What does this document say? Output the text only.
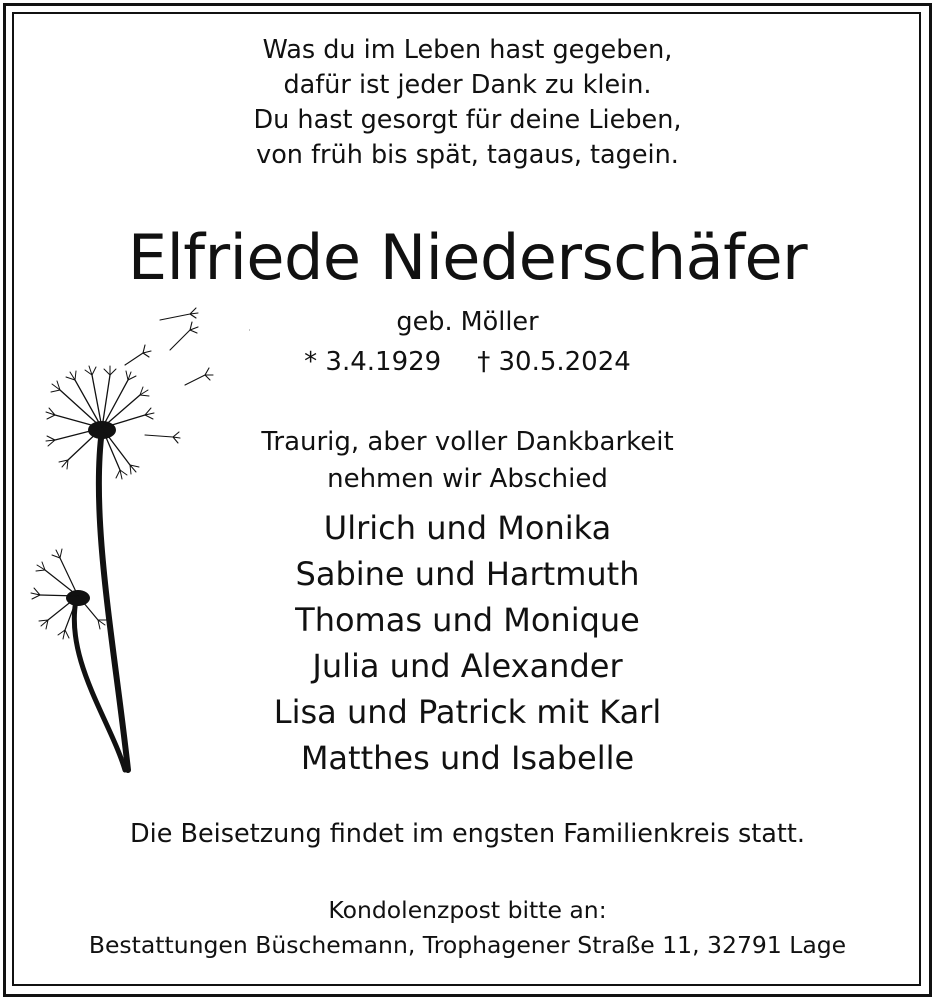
Was du im Leben hast gegeben,
dafür ist jeder Dank zu klein.
Du hast gesorgt für deine Lieben,
von früh bis spät, tagaus, tagein.
Elfriede Niederschäfer
geb. Möller
* 3.4.1929 † 30.5.2024
Traurig, aber voller Dankbarkeit
nehmen wir Abschied
Ulrich und Monika
Sabine und Hartmuth
Thomas und Monique
Julia und Alexander
Lisa und Patrick mit Karl
Matthes und Isabelle
Die Beisetzung findet im engsten Familienkreis statt.
Kondolenzpost bitte an:
Bestattungen Büschemann, Trophagener Straße 11, 32791 Lage
